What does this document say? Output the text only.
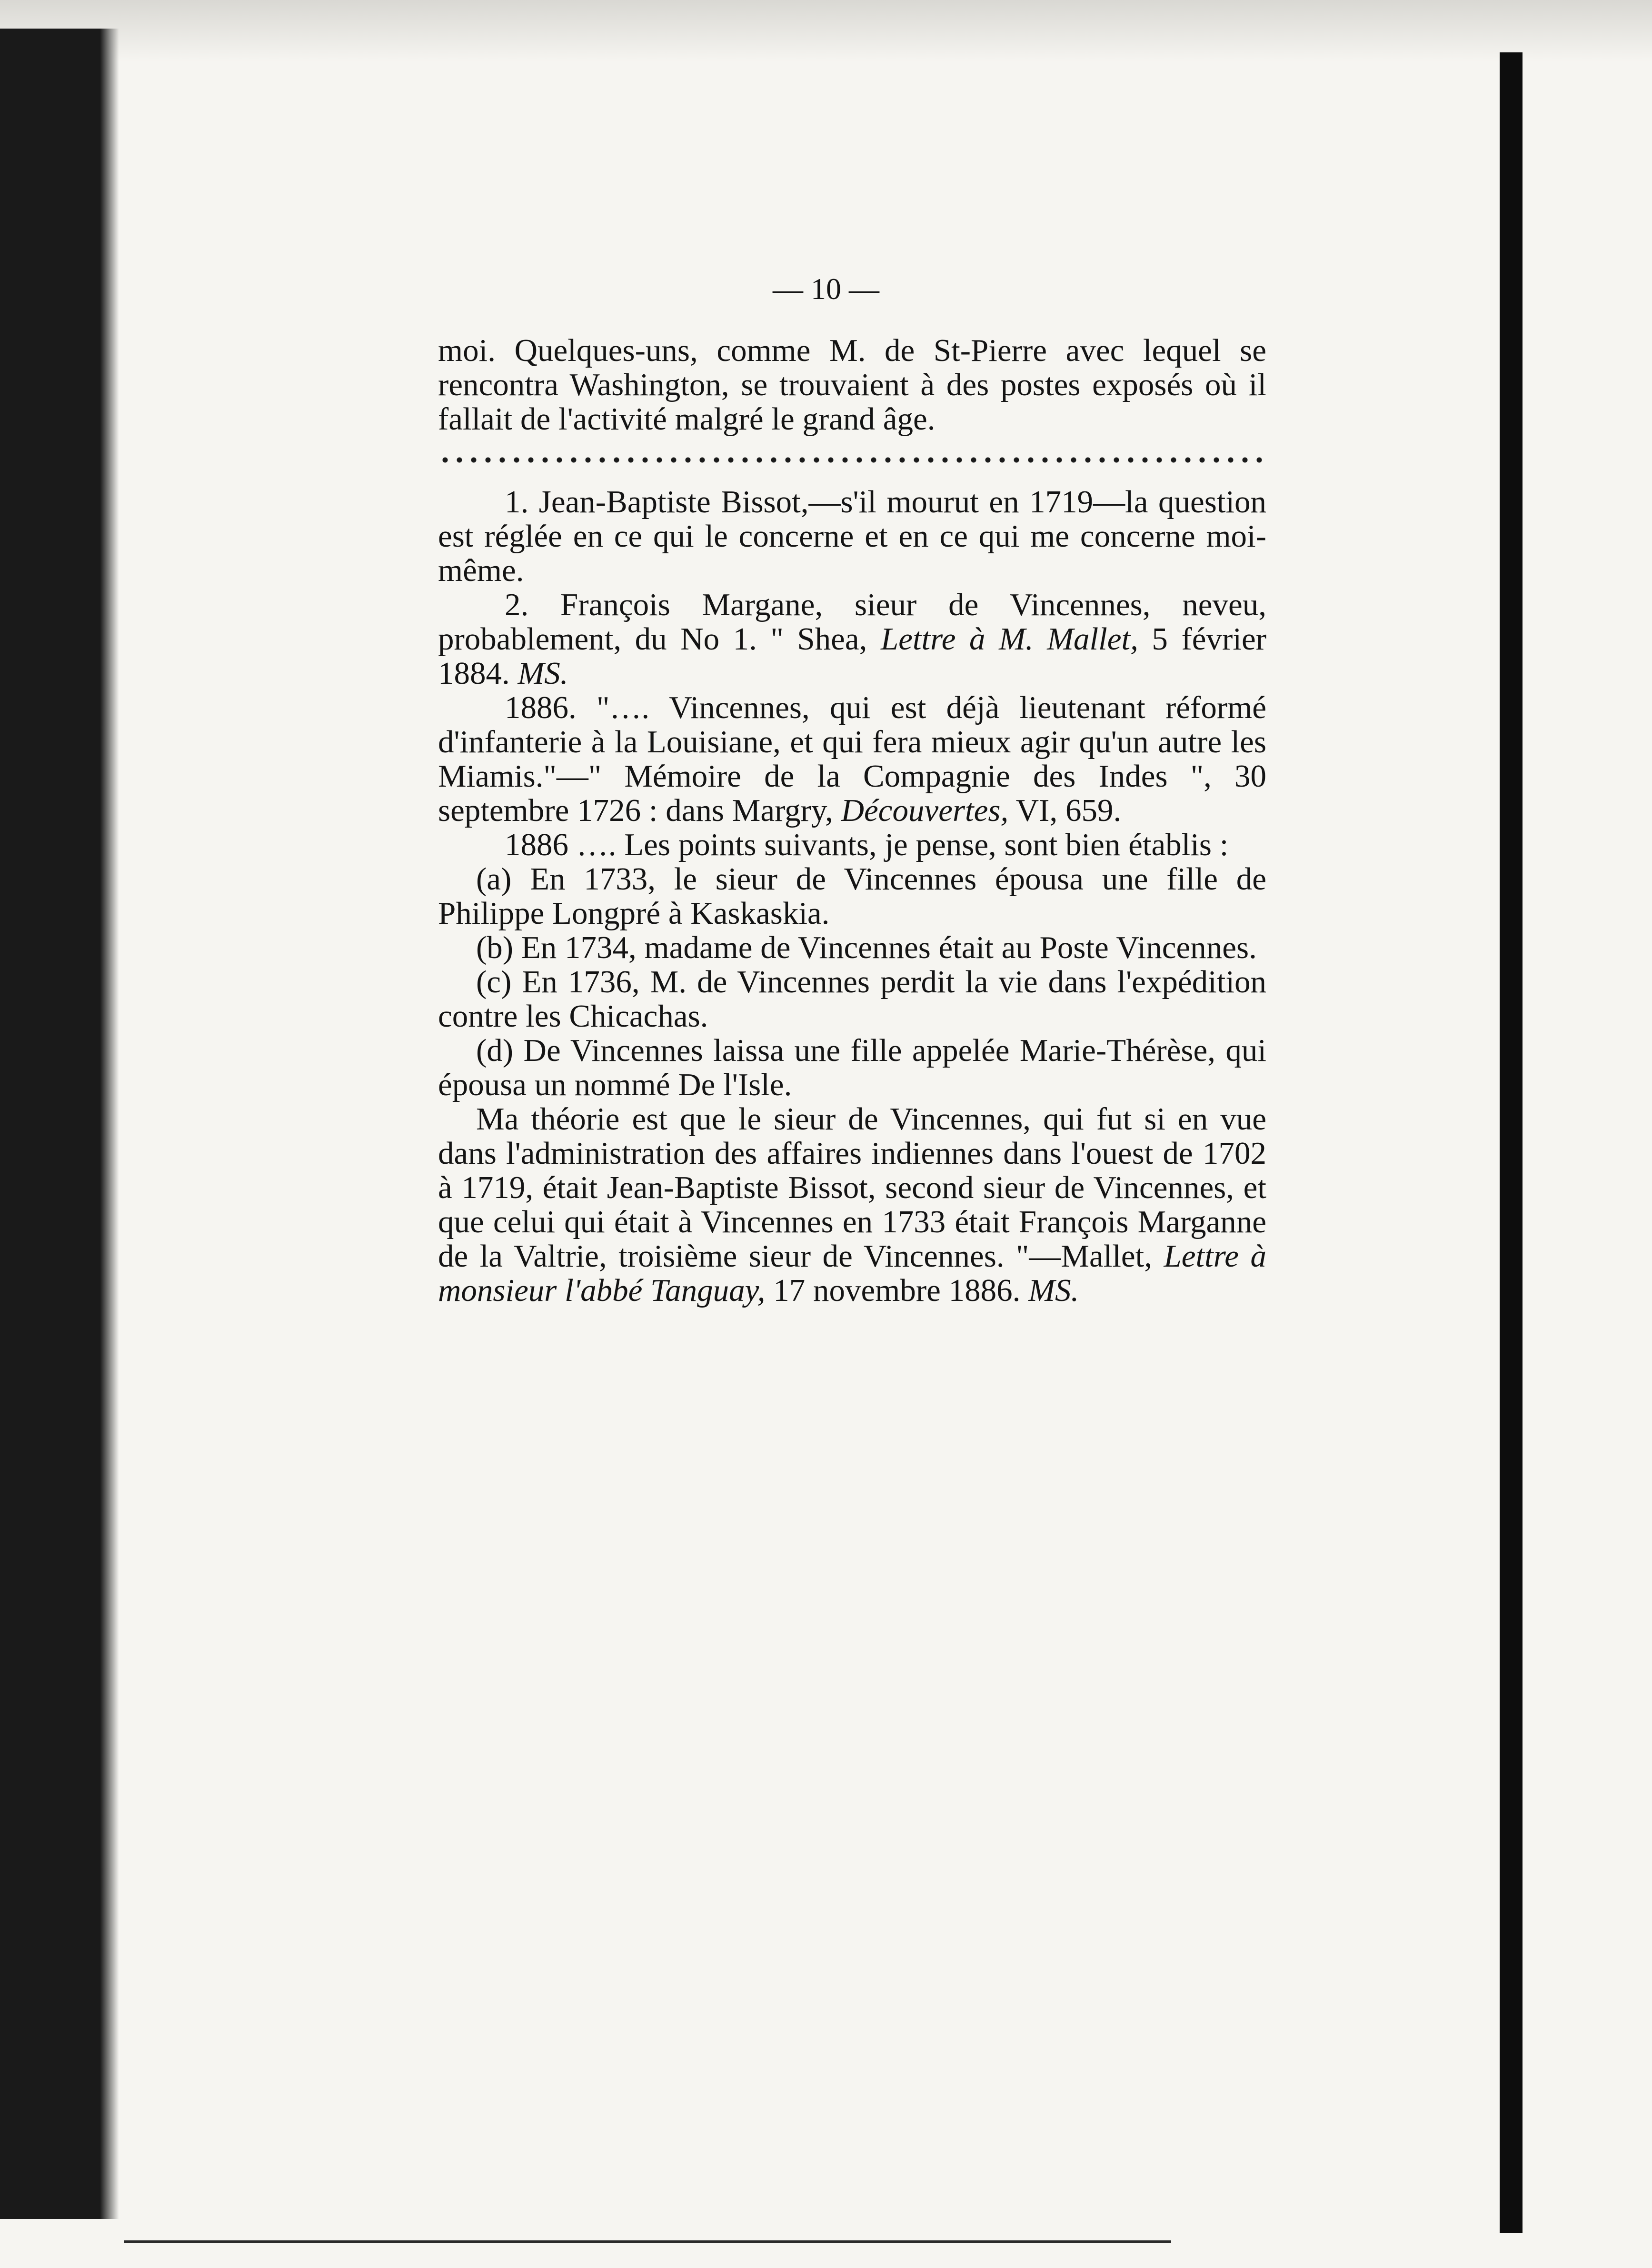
— 10 —

moi. Quelques-uns, comme M. de St-Pierre avec lequel se rencontra Washington, se trouvaient à des postes exposés où il fallait de l'activité malgré le grand âge.

1. Jean-Baptiste Bissot,—s'il mourut en 1719—la question est réglée en ce qui le concerne et en ce qui me concerne moi-même.

2. François Margane, sieur de Vincennes, neveu, probablement, du No 1. " Shea, Lettre à M. Mallet, 5 février 1884. MS.

1886. "…. Vincennes, qui est déjà lieutenant réformé d'infanterie à la Louisiane, et qui fera mieux agir qu'un autre les Miamis."—" Mémoire de la Compagnie des Indes ", 30 septembre 1726 : dans Margry, Découvertes, VI, 659.

1886 …. Les points suivants, je pense, sont bien établis :

(a) En 1733, le sieur de Vincennes épousa une fille de Philippe Longpré à Kaskaskia.

(b) En 1734, madame de Vincennes était au Poste Vincennes.

(c) En 1736, M. de Vincennes perdit la vie dans l'expédition contre les Chicachas.

(d) De Vincennes laissa une fille appelée Marie-Thérèse, qui épousa un nommé De l'Isle.

Ma théorie est que le sieur de Vincennes, qui fut si en vue dans l'administration des affaires indiennes dans l'ouest de 1702 à 1719, était Jean-Baptiste Bissot, second sieur de Vincennes, et que celui qui était à Vincennes en 1733 était François Marganne de la Valtrie, troisième sieur de Vincennes. "—Mallet, Lettre à monsieur l'abbé Tanguay, 17 novembre 1886. MS.
